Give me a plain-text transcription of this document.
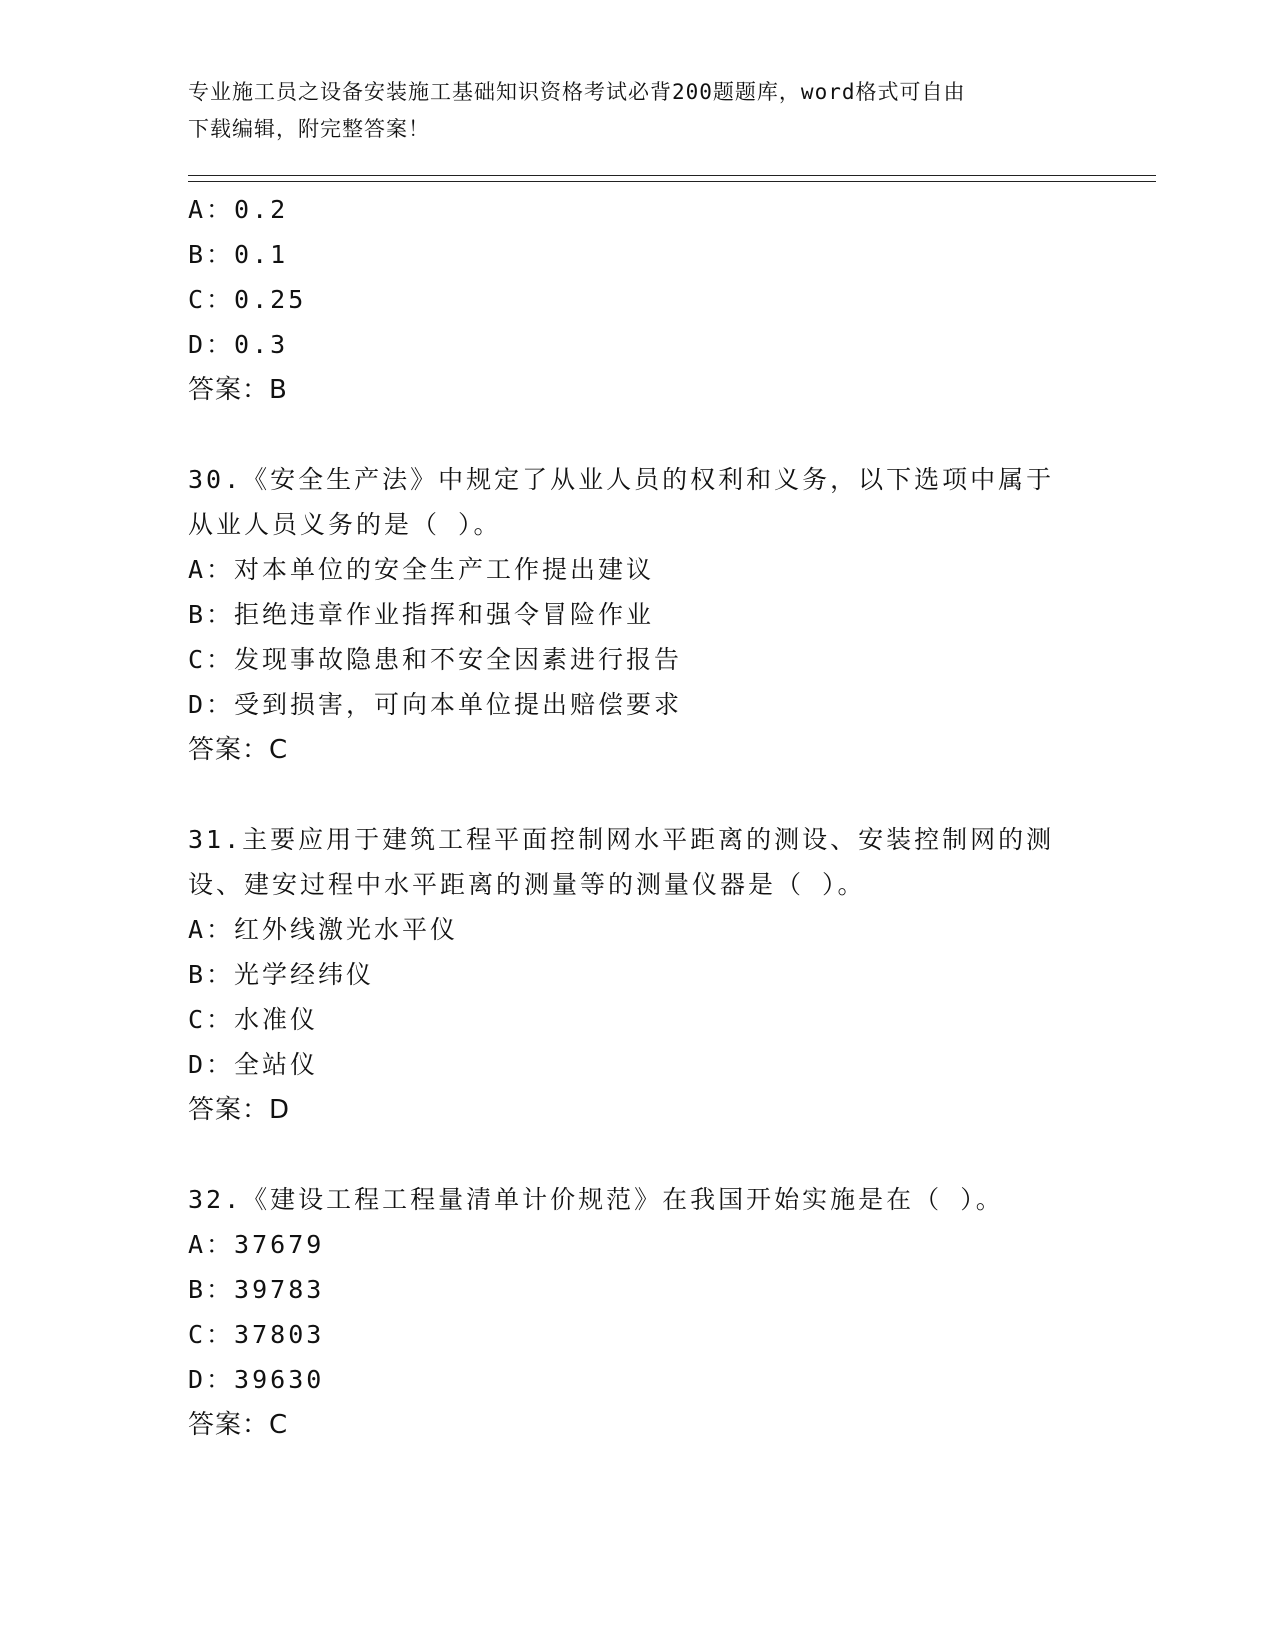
专业施工员之设备安装施工基础知识资格考试必背200题题库，word格式可自由
下载编辑，附完整答案！
A：0.2
B：0.1
C：0.25
D：0.3
答案：B
30.《安全生产法》中规定了从业人员的权利和义务，以下选项中属于
从业人员义务的是（ ）。
A：对本单位的安全生产工作提出建议
B：拒绝违章作业指挥和强令冒险作业
C：发现事故隐患和不安全因素进行报告
D：受到损害，可向本单位提出赔偿要求
答案：C
31.主要应用于建筑工程平面控制网水平距离的测设、安装控制网的测
设、建安过程中水平距离的测量等的测量仪器是（ ）。
A：红外线激光水平仪
B：光学经纬仪
C：水准仪
D：全站仪
答案：D
32.《建设工程工程量清单计价规范》在我国开始实施是在（ ）。
A：37679
B：39783
C：37803
D：39630
答案：C
